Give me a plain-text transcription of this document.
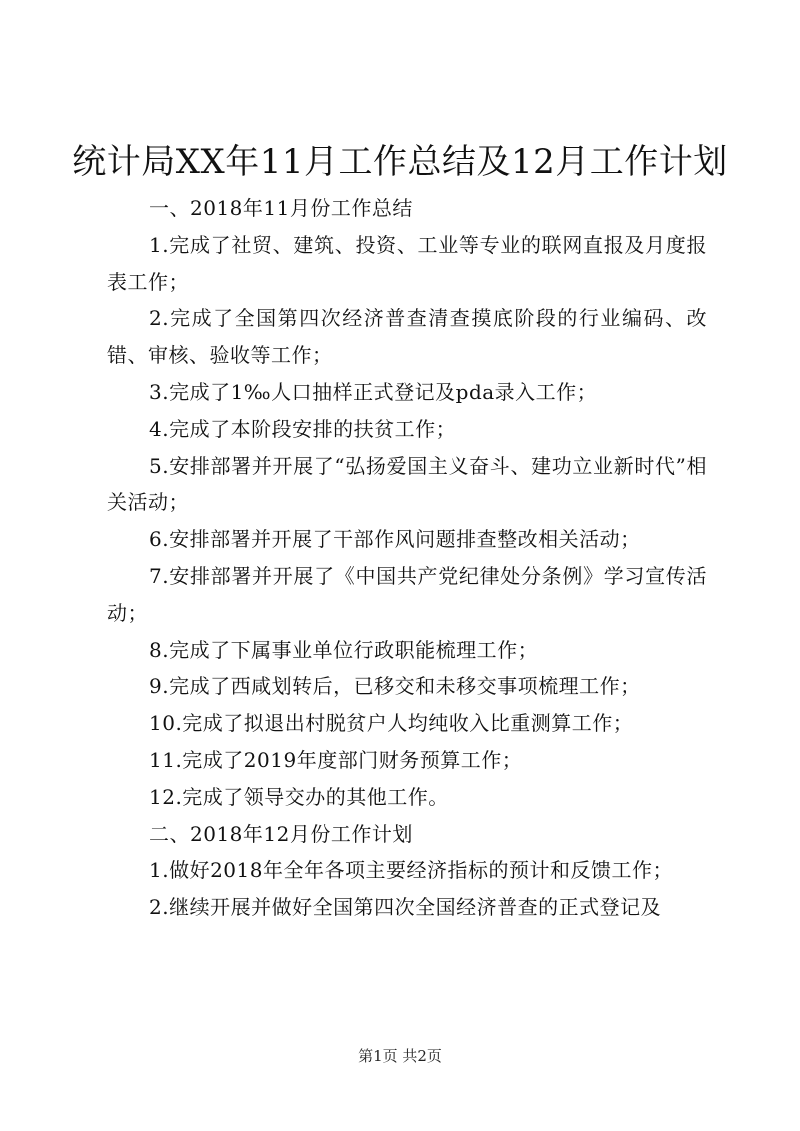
统计局XX年11月工作总结及12月工作计划

一、2018年11月份工作总结

1.完成了社贸、建筑、投资、工业等专业的联网直报及月度报表工作；

2.完成了全国第四次经济普查清查摸底阶段的行业编码、改错、审核、验收等工作；

3.完成了1‰人口抽样正式登记及pda录入工作；

4.完成了本阶段安排的扶贫工作；

5.安排部署并开展了“弘扬爱国主义奋斗、建功立业新时代”相关活动；

6.安排部署并开展了干部作风问题排查整改相关活动；

7.安排部署并开展了《中国共产党纪律处分条例》学习宣传活动；

8.完成了下属事业单位行政职能梳理工作；

9.完成了西咸划转后，已移交和未移交事项梳理工作；

10.完成了拟退出村脱贫户人均纯收入比重测算工作；

11.完成了2019年度部门财务预算工作；

12.完成了领导交办的其他工作。

二、2018年12月份工作计划

1.做好2018年全年各项主要经济指标的预计和反馈工作；

2.继续开展并做好全国第四次全国经济普查的正式登记及

第1页 共2页
